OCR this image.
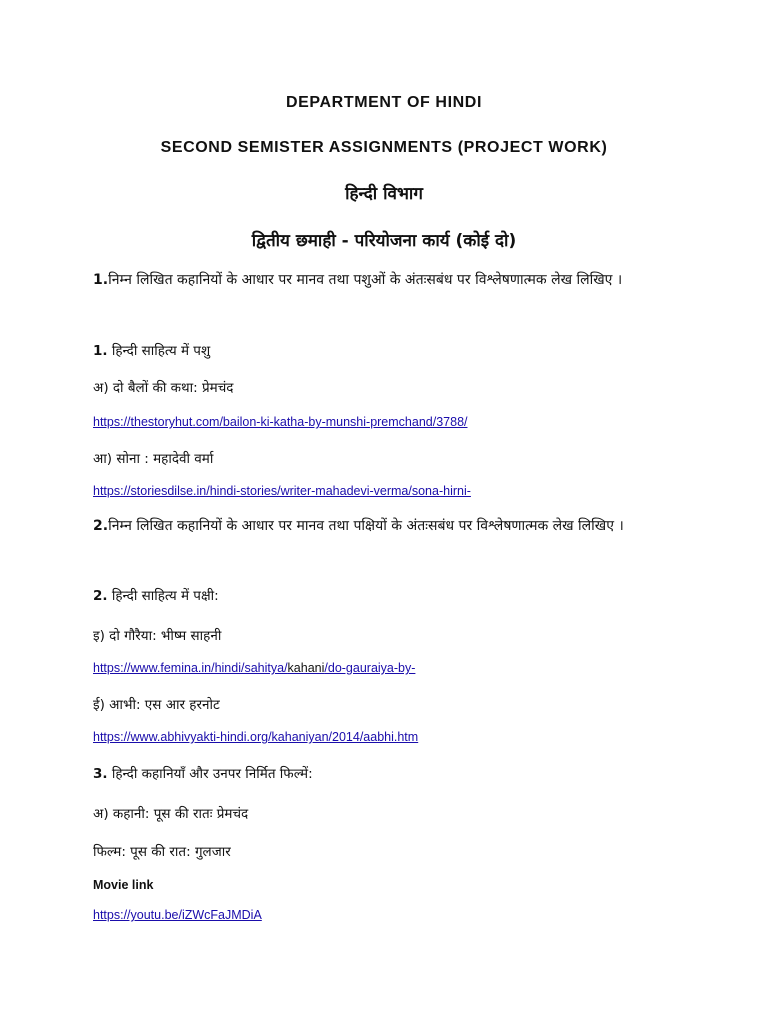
DEPARTMENT OF HINDI
SECOND SEMISTER ASSIGNMENTS (PROJECT WORK)
हिन्दी विभाग
द्वितीय छमाही - परियोजना कार्य (कोई दो)
1.निम्न लिखित कहानियों के आधार पर मानव तथा पशुओं के अंतःसबंध पर विश्लेषणात्मक लेख लिखिए ।
1. हिन्दी साहित्य में पशु
अ) दो बैलों की कथा: प्रेमचंद
https://thestoryhut.com/bailon-ki-katha-by-munshi-premchand/3788/
आ) सोना : महादेवी वर्मा
https://storiesdilse.in/hindi-stories/writer-mahadevi-verma/sona-hirni-
2.निम्न लिखित कहानियों के आधार पर मानव तथा पक्षियों के अंतःसबंध पर विश्लेषणात्मक लेख लिखिए ।
2. हिन्दी साहित्य में पक्षी:
इ) दो गौरैया: भीष्म साहनी
https://www.femina.in/hindi/sahitya/kahani/do-gauraiya-by-
ई) आभी: एस आर हरनोट
https://www.abhivyakti-hindi.org/kahaniyan/2014/aabhi.htm
3. हिन्दी कहानियाँ और उनपर निर्मित फिल्में:
अ) कहानी: पूस की रातः प्रेमचंद
फिल्म: पूस की रात: गुलजार
Movie link
https://youtu.be/iZWcFaJMDiA
